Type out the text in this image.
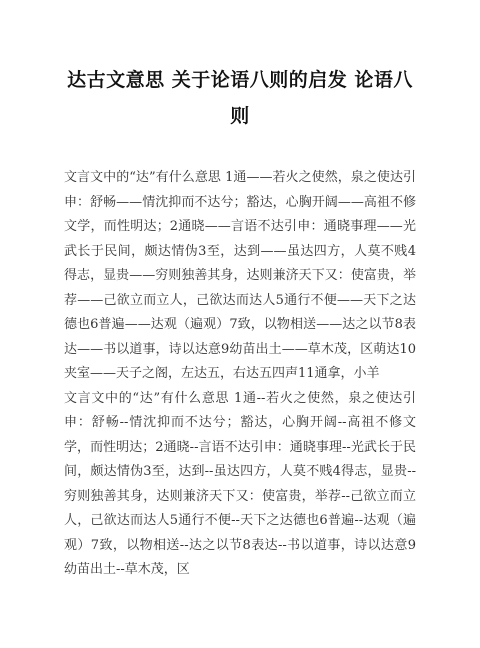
达古文意思 关于论语八则的启发 论语八则

文言文中的“达”有什么意思 1通——若火之使然，泉之使达引申：舒畅——情沈抑而不达兮；豁达，心胸开阔——高祖不修文学，而性明达；2通晓——言语不达引申：通晓事理——光武长于民间，颇达情伪3至，达到——虽达四方，人莫不贱4得志，显贵——穷则独善其身，达则兼济天下又：使富贵，举荐——己欲立而立人，己欲达而达人5通行不便——天下之达德也6普遍——达观（遍观）7致，以物相送——达之以节8表达——书以道事，诗以达意9幼苗出土——草木茂，区萌达10夹室——天子之阁，左达五，右达五四声11通拿，小羊

文言文中的“达”有什么意思 1通--若火之使然，泉之使达引申：舒畅--情沈抑而不达兮；豁达，心胸开阔--高祖不修文学，而性明达；2通晓--言语不达引申：通晓事理--光武长于民间，颇达情伪3至，达到--虽达四方，人莫不贱4得志，显贵--穷则独善其身，达则兼济天下又：使富贵，举荐--己欲立而立人，己欲达而达人5通行不便--天下之达德也6普遍--达观（遍观）7致，以物相送--达之以节8表达--书以道事，诗以达意9幼苗出土--草木茂，区
